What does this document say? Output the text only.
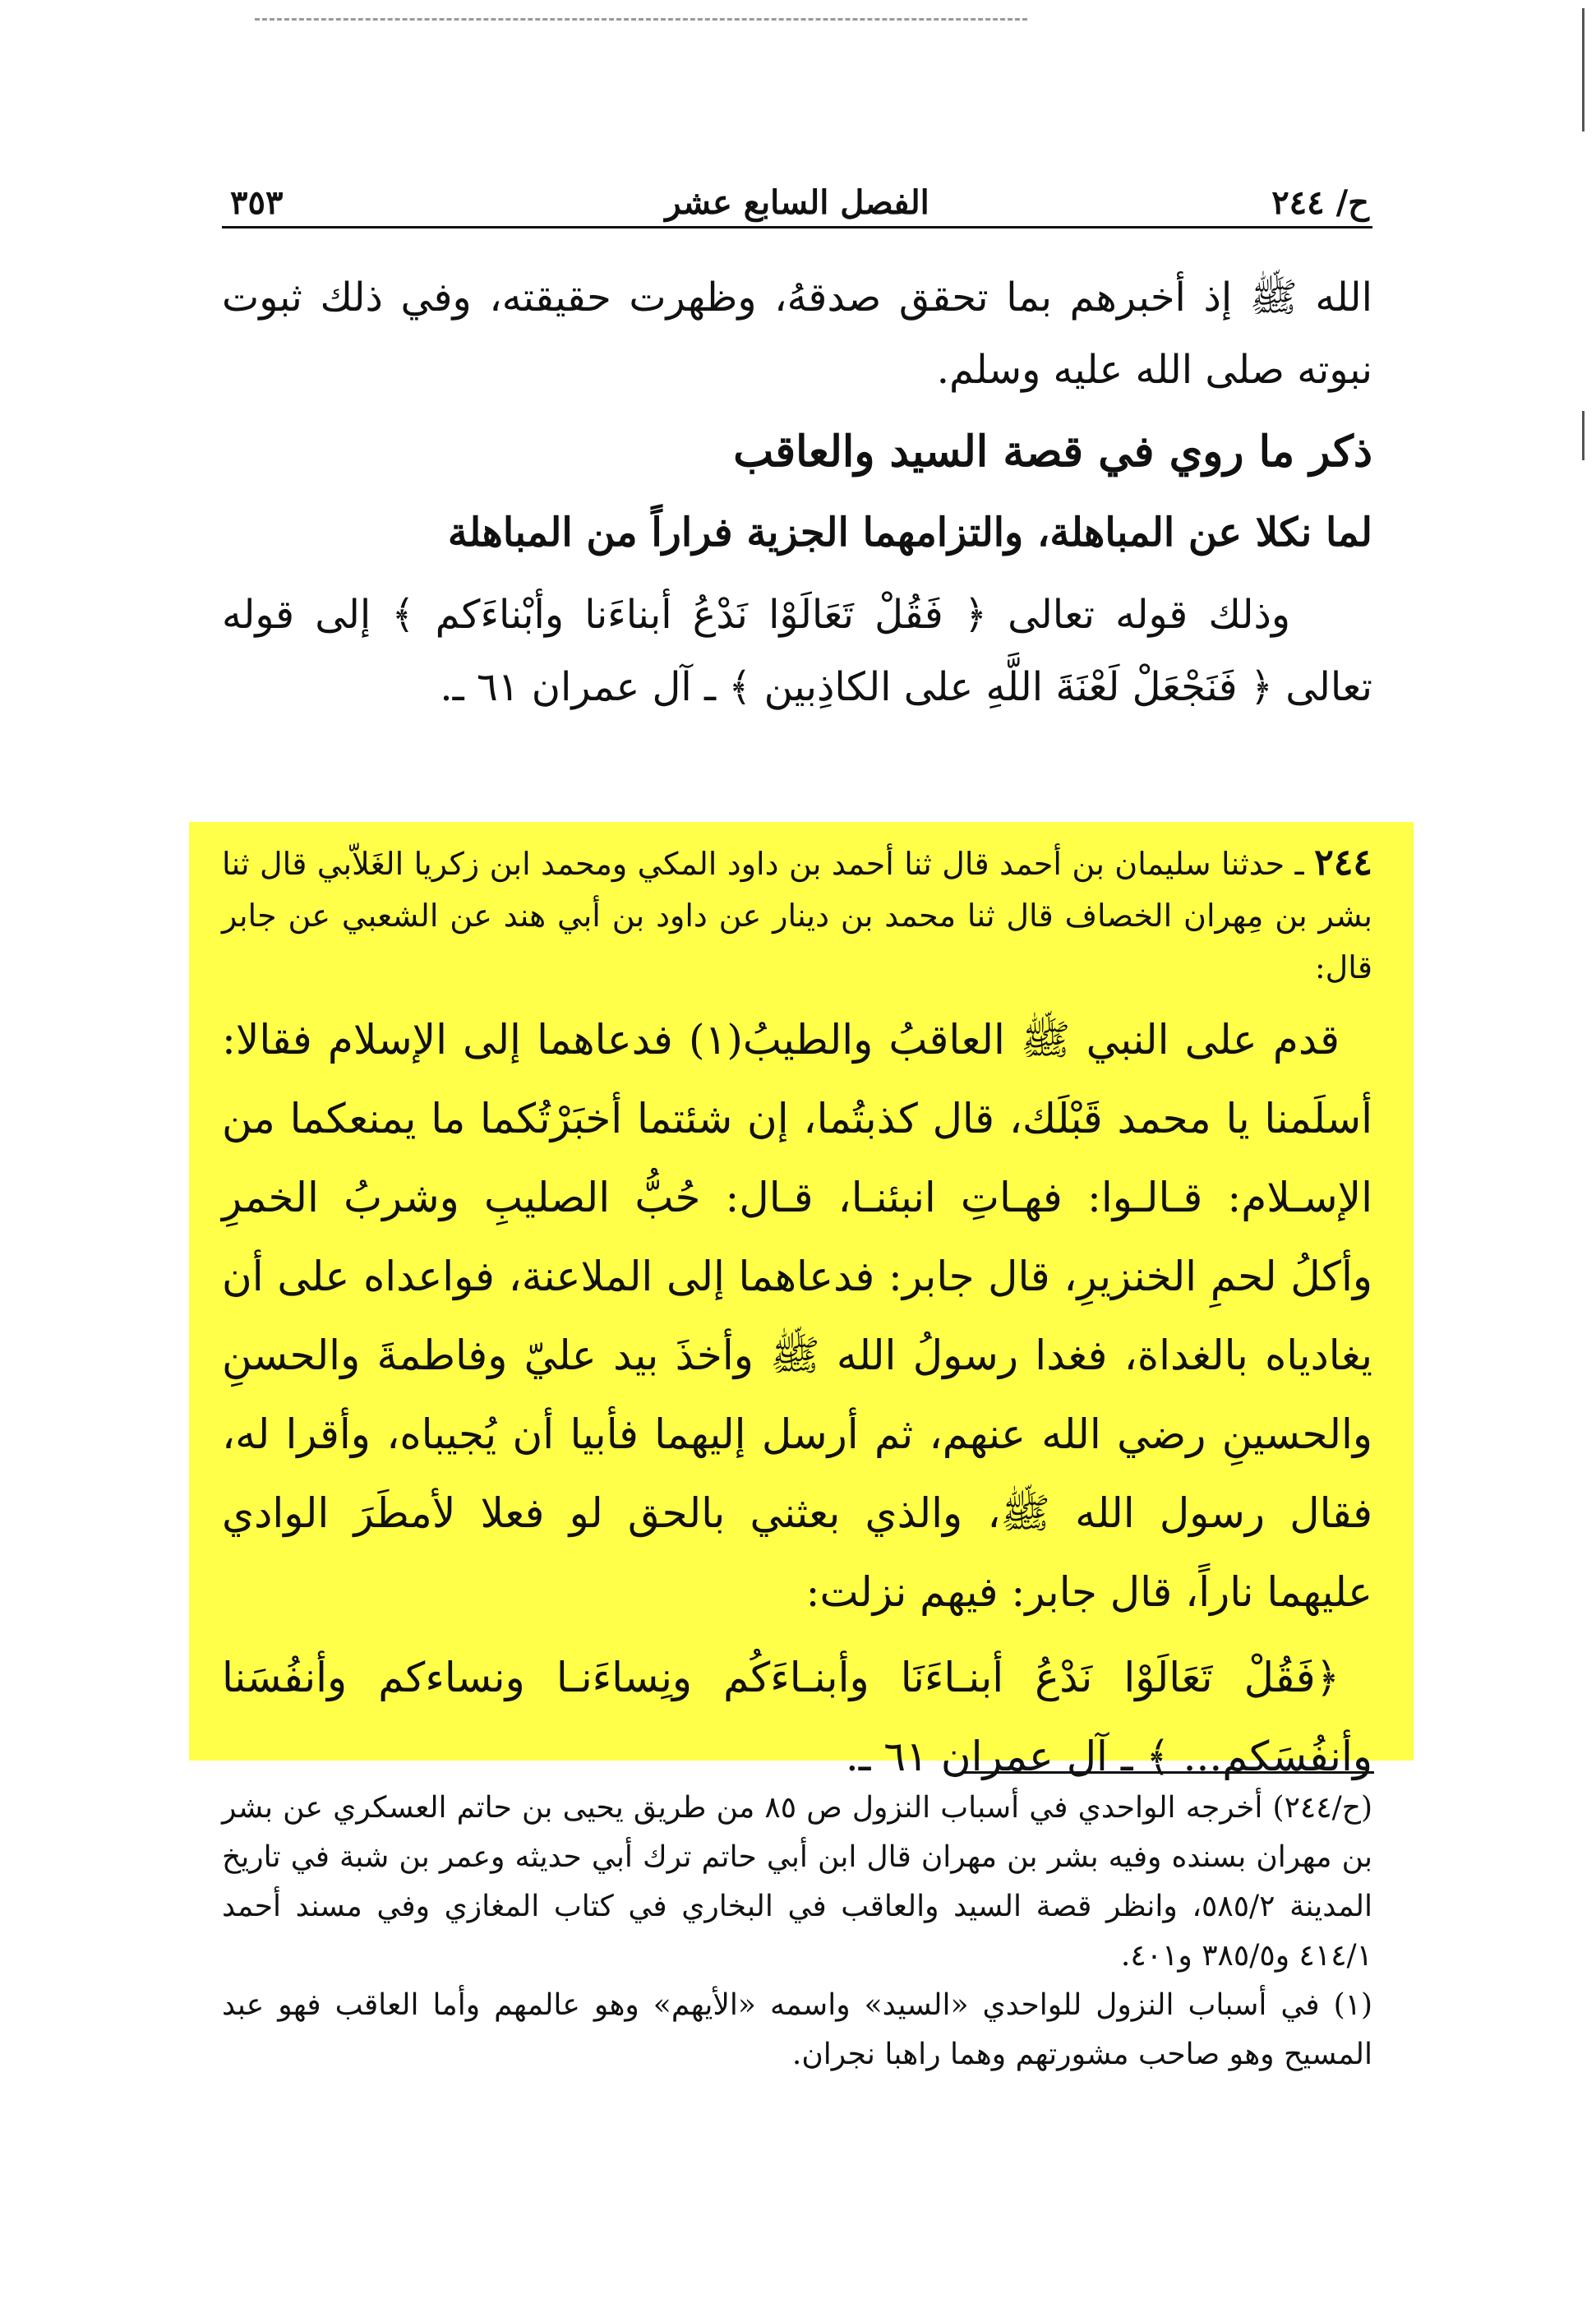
ح/ ٢٤٤
الفصل السابع عشر
٣٥٣

الله ﷺ إذ أخبرهم بما تحقق صدقهُ، وظهرت حقيقته، وفي ذلك ثبوت نبوته صلى الله عليه وسلم.

ذكر ما روي في قصة السيد والعاقب
لما نكلا عن المباهلة، والتزامهما الجزية فراراً من المباهلة

وذلك قوله تعالى ﴿ فَقُلْ تَعَالَوْا نَدْعُ أبناءَنا وأبْناءَكم ﴾ إلى قوله تعالى ﴿ فَنَجْعَلْ لَعْنَةَ اللَّهِ على الكاذِبين ﴾ ـ آل عمران ٦١ ـ.

٢٤٤ ـ حدثنا سليمان بن أحمد قال ثنا أحمد بن داود المكي ومحمد ابن زكريا الغَلاّبي قال ثنا بشر بن مِهران الخصاف قال ثنا محمد بن دينار عن داود بن أبي هند عن الشعبي عن جابر قال:

قدم على النبي ﷺ العاقبُ والطيبُ(١) فدعاهما إلى الإسلام فقالا: أسلَمنا يا محمد قَبْلَك، قال كذبتُما، إن شئتما أخبَرْتُكما ما يمنعكما من الإسـلام: قـالـوا: فهـاتِ انبئنـا، قـال: حُبُّ الصليبِ وشربُ الخمرِ وأكلُ لحمِ الخنزيرِ، قال جابر: فدعاهما إلى الملاعنة، فواعداه على أن يغادياه بالغداة، فغدا رسولُ الله ﷺ وأخذَ بيد عليّ وفاطمةَ والحسنِ والحسينِ رضي الله عنهم، ثم أرسل إليهما فأبيا أن يُجيباه، وأقرا له، فقال رسول الله ﷺ، والذي بعثني بالحق لو فعلا لأمطَرَ الوادي عليهما ناراً، قال جابر: فيهم نزلت:

﴿فَقُلْ تَعَالَوْا نَدْعُ أبنـاءَنَا وأبنـاءَكُم ونِساءَنـا ونساءكم وأنفُسَنا وأنفُسَكم... ﴾ ـ آل عمران ٦١ ـ.

(ح/٢٤٤) أخرجه الواحدي في أسباب النزول ص ٨٥ من طريق يحيى بن حاتم العسكري عن بشر بن مهران بسنده وفيه بشر بن مهران قال ابن أبي حاتم ترك أبي حديثه وعمر بن شبة في تاريخ المدينة ٥٨٥/٢، وانظر قصة السيد والعاقب في البخاري في كتاب المغازي وفي مسند أحمد ٤١٤/١ و٣٨٥/٥ و٤٠١.

(١) في أسباب النزول للواحدي «السيد» واسمه «الأيهم» وهو عالمهم وأما العاقب فهو عبد المسيح وهو صاحب مشورتهم وهما راهبا نجران.
